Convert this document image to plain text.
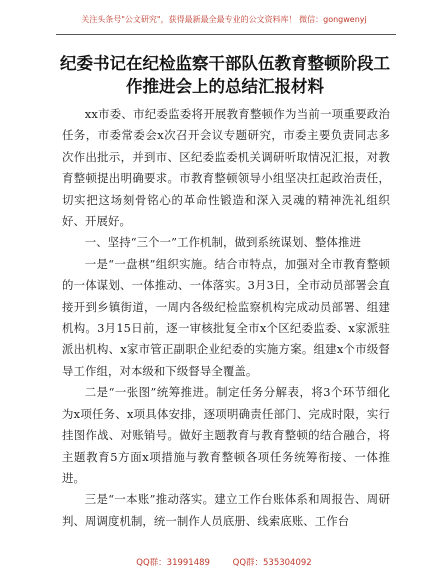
关注头条号"公文研究"，获得最新最全最专业的公文资料库！ 微信：gongwenyj
纪委书记在纪检监察干部队伍教育整顿阶段工作推进会上的总结汇报材料

xx市委、市纪委监委将开展教育整顿作为当前一项重要政治任务，市委常委会x次召开会议专题研究，市委主要负责同志多次作出批示，并到市、区纪委监委机关调研听取情况汇报，对教育整顿提出明确要求。市教育整顿领导小组坚决扛起政治责任，切实把这场刻骨铭心的革命性锻造和深入灵魂的精神洗礼组织好、开展好。

一、坚持“三个一”工作机制，做到系统谋划、整体推进

一是“一盘棋”组织实施。结合市特点，加强对全市教育整顿的一体谋划、一体推动、一体落实。3月3日，全市动员部署会直接开到乡镇街道，一周内各级纪检监察机构完成动员部署、组建机构。3月15日前，逐一审核批复全市x个区纪委监委、x家派驻派出机构、x家市管正副职企业纪委的实施方案。组建x个市级督导工作组，对本级和下级督导全覆盖。

二是“一张图”统筹推进。制定任务分解表，将3个环节细化为x项任务、x项具体安排，逐项明确责任部门、完成时限，实行挂图作战、对账销号。做好主题教育与教育整顿的结合融合，将主题教育5方面x项措施与教育整顿各项任务统筹衔接、一体推进。

三是“一本账”推动落实。建立工作台账体系和周报告、周研判、周调度机制，统一制作人员底册、线索底账、工作台

QQ群：31991489	QQ群：535304092
